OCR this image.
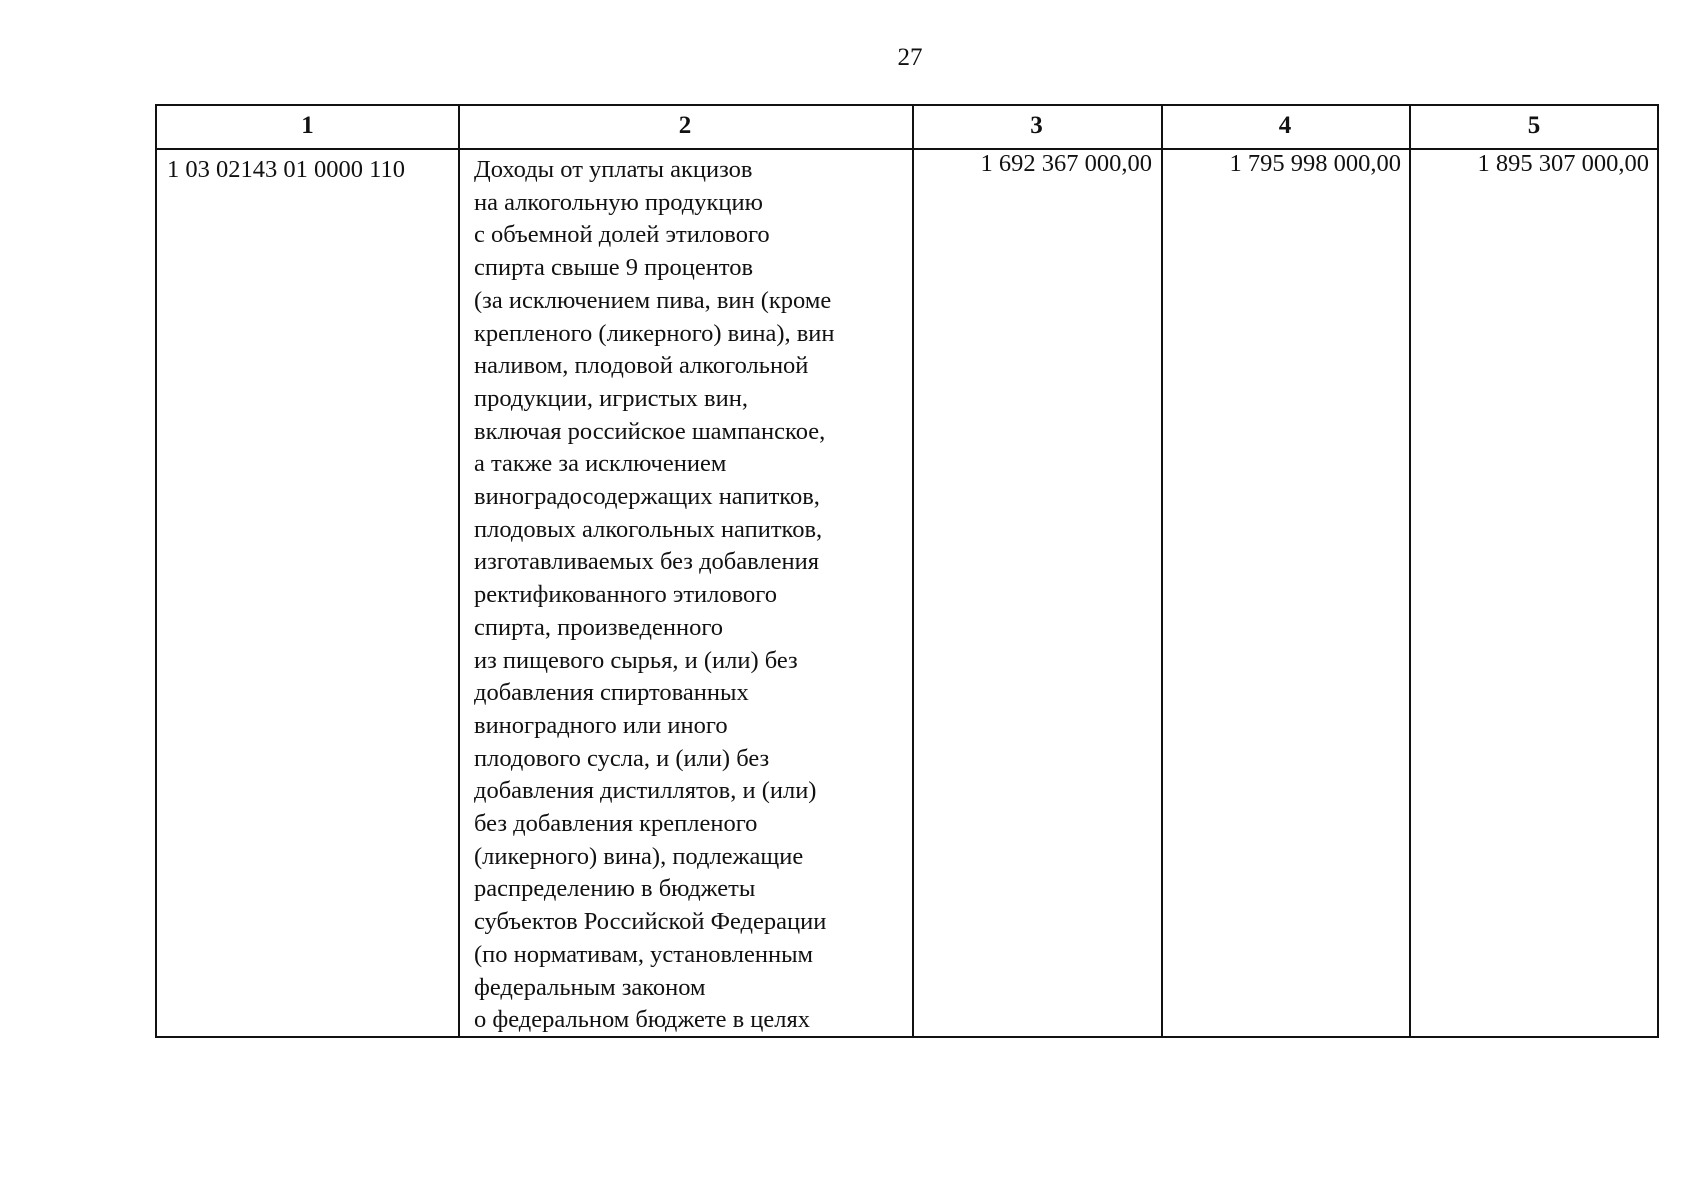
27
1	2	3	4	5
1 03 02143 01 0000 110	Доходы от уплаты акцизов
на алкогольную продукцию
с объемной долей этилового
спирта свыше 9 процентов
(за исключением пива, вин (кроме
крепленого (ликерного) вина), вин
наливом, плодовой алкогольной
продукции, игристых вин,
включая российское шампанское,
а также за исключением
виноградосодержащих напитков,
плодовых алкогольных напитков,
изготавливаемых без добавления
ректификованного этилового
спирта, произведенного
из пищевого сырья, и (или) без
добавления спиртованных
виноградного или иного
плодового сусла, и (или) без
добавления дистиллятов, и (или)
без добавления крепленого
(ликерного) вина), подлежащие
распределению в бюджеты
субъектов Российской Федерации
(по нормативам, установленным
федеральным законом
о федеральном бюджете в целях
1 692 367 000,00	1 795 998 000,00	1 895 307 000,00
